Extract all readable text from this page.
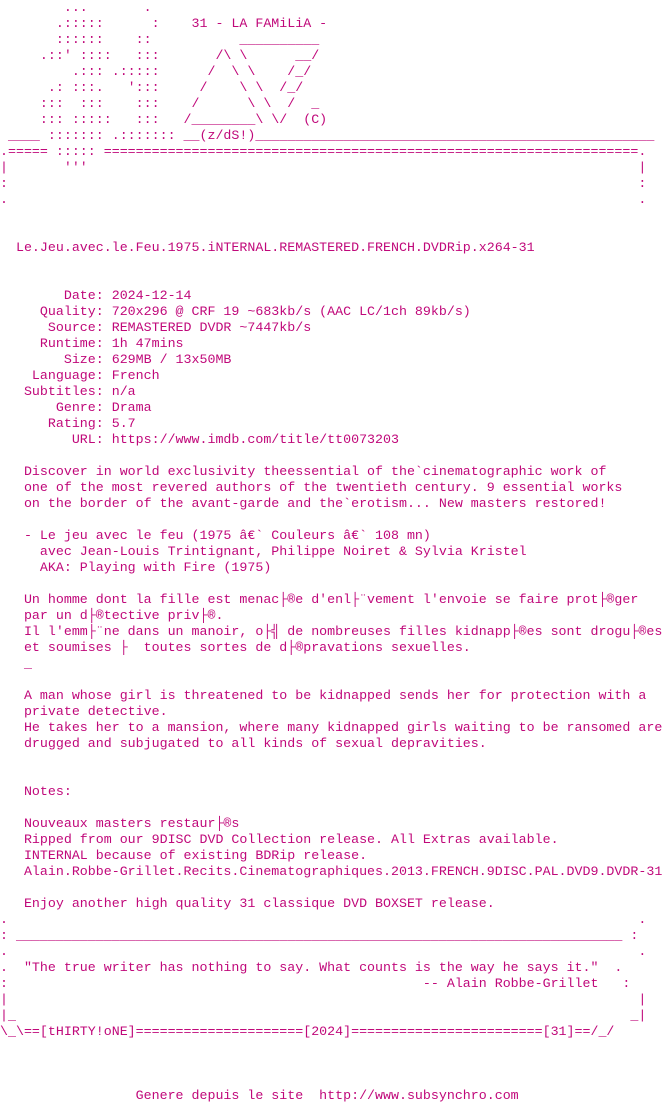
...       .
.:::::      :    31 - LA FAMiLiA -
::::::    ::           __________
.::' ::::   :::       /\ \      __/
.::: .:::::      /  \ \    /_/
.: :::.   ':::     /    \ \  /_/
:::  :::    :::    /      \ \  /  _
::: :::::   :::   /________\ \/  (C)
____ ::::::: .::::::: __(z/dS!)__________________________________________________
.===== ::::: ===================================================================.
|       '''                                                                     |
:                                                                               :
.                                                                               .
Le.Jeu.avec.le.Feu.1975.iNTERNAL.REMASTERED.FRENCH.DVDRip.x264-31
Date: 2024-12-14
Quality: 720x296 @ CRF 19 ~683kb/s (AAC LC/1ch 89kb/s)
Source: REMASTERED DVDR ~7447kb/s
Runtime: 1h 47mins
Size: 629MB / 13x50MB
Language: French
Subtitles: n/a
Genre: Drama
Rating: 5.7
URL: https://www.imdb.com/title/tt0073203
Discover in world exclusivity theessential of the`cinematographic work of
one of the most revered authors of the twentieth century. 9 essential works
on the border of the avant-garde and the`erotism... New masters restored!
- Le jeu avec le feu (1975 â€` Couleurs â€` 108 mn)
avec Jean-Louis Trintignant, Philippe Noiret & Sylvia Kristel
AKA: Playing with Fire (1975)
Un homme dont la fille est menac├®e d'enl├¨vement l'envoie se faire prot├®ger
par un d├®tective priv├®.
Il l'emm├¨ne dans un manoir, o├╣ de nombreuses filles kidnapp├®es sont drogu├®es
et soumises ├  toutes sortes de d├®pravations sexuelles.
_
A man whose girl is threatened to be kidnapped sends her for protection with a
private detective.
He takes her to a mansion, where many kidnapped girls waiting to be ransomed are
drugged and subjugated to all kinds of sexual depravities.
Notes:
Nouveaux masters restaur├®s
Ripped from our 9DISC DVD Collection release. All Extras available.
INTERNAL because of existing BDRip release.
Alain.Robbe-Grillet.Recits.Cinematographiques.2013.FRENCH.9DISC.PAL.DVD9.DVDR-31
Enjoy another high quality 31 classique DVD BOXSET release.
.                                                                               .
: ____________________________________________________________________________ :
.                                                                               .
.  "The true writer has nothing to say. What counts is the way he says it."  .
:                                                    -- Alain Robbe-Grillet   :
|                                                                               |
|_                                                                             _|
\_\==[tHIRTY!oNE]=====================[2024]========================[31]==/_/
Genere depuis le site  http://www.subsynchro.com
